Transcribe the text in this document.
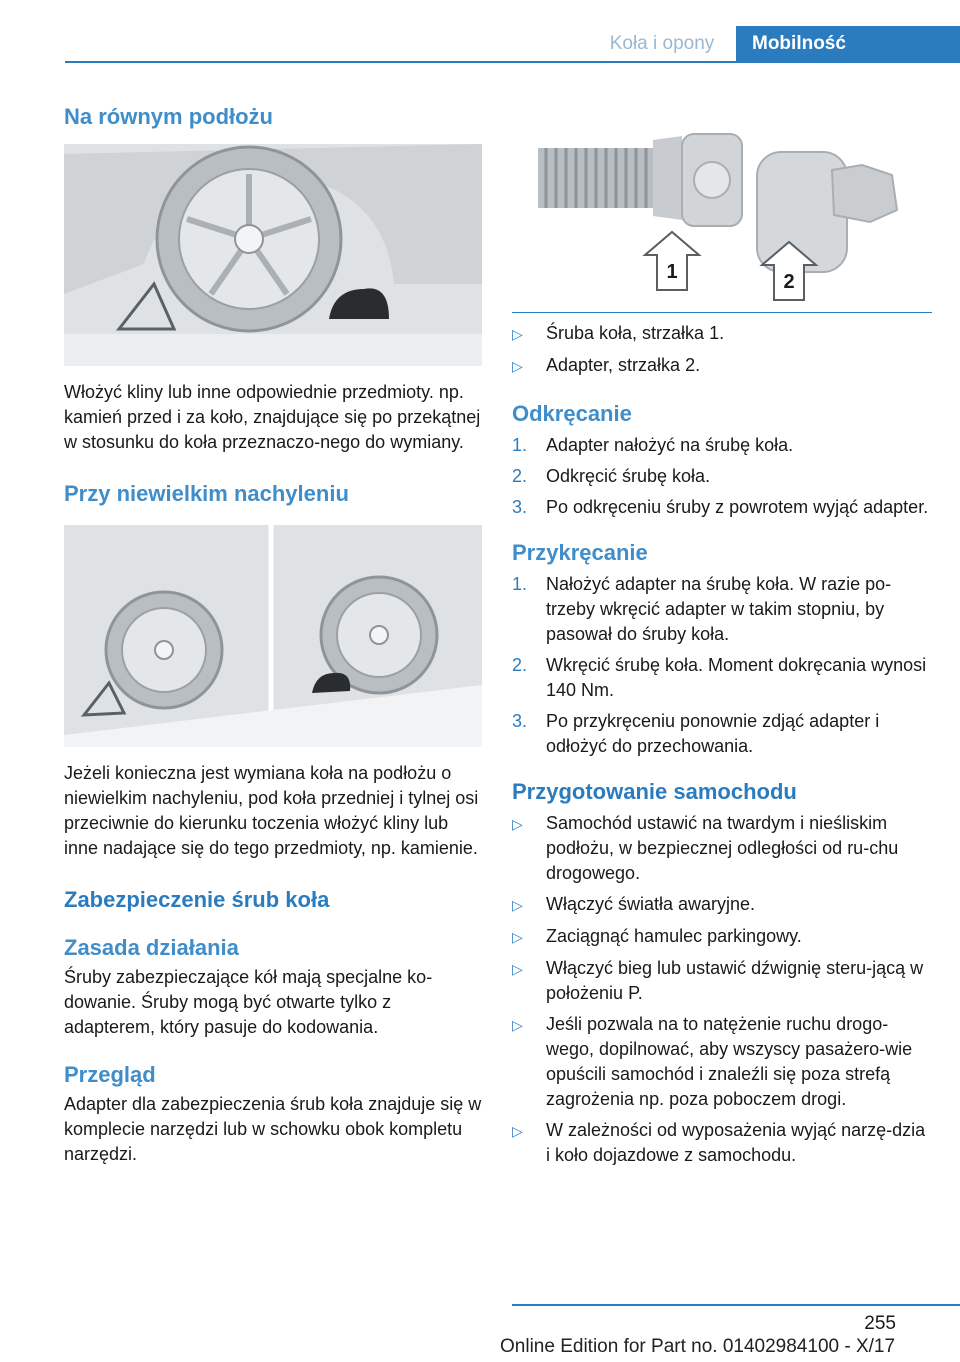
Koła i opony	Mobilność
Na równym podłożu

Włożyć kliny lub inne odpowiednie przedmioty. np. kamień przed i za koło, znajdujące się po przekątnej w stosunku do koła przeznaczo-nego do wymiany.

Przy niewielkim nachyleniu

Jeżeli konieczna jest wymiana koła na podłożu o niewielkim nachyleniu, pod koła przedniej i tylnej osi przeciwnie do kierunku toczenia włożyć kliny lub inne nadające się do tego przedmioty, np. kamienie.

Zabezpieczenie śrub koła
Zasada działania

Śruby zabezpieczające kół mają specjalne ko-dowanie. Śruby mogą być otwarte tylko z adapterem, który pasuje do kodowania.

Przegląd

Adapter dla zabezpieczenia śrub koła znajduje się w komplecie narzędzi lub w schowku obok kompletu narzędzi.

1	2
▷	Śruba koła, strzałka 1.
▷	Adapter, strzałka 2.
Odkręcanie
1.	Adapter nałożyć na śrubę koła.
2.	Odkręcić śrubę koła.
3.	Po odkręceniu śruby z powrotem wyjąć adapter.
Przykręcanie
1.	Nałożyć adapter na śrubę koła. W razie po-trzeby wkręcić adapter w takim stopniu, by pasował do śruby koła.
2.	Wkręcić śrubę koła. Moment dokręcania wynosi 140 Nm.
3.	Po przykręceniu ponownie zdjąć adapter i odłożyć do przechowania.
Przygotowanie samochodu
▷	Samochód ustawić na twardym i nieśliskim podłożu, w bezpiecznej odległości od ru-chu drogowego.
▷	Włączyć światła awaryjne.
▷	Zaciągnąć hamulec parkingowy.
▷	Włączyć bieg lub ustawić dźwignię steru-jącą w położeniu P.
▷	Jeśli pozwala na to natężenie ruchu drogo-wego, dopilnować, aby wszyscy pasażero-wie opuścili samochód i znaleźli się poza strefą zagrożenia np. poza poboczem drogi.
▷	W zależności od wyposażenia wyjąć narzę-dzia i koło dojazdowe z samochodu.
255
Online Edition for Part no. 01402984100 - X/17
